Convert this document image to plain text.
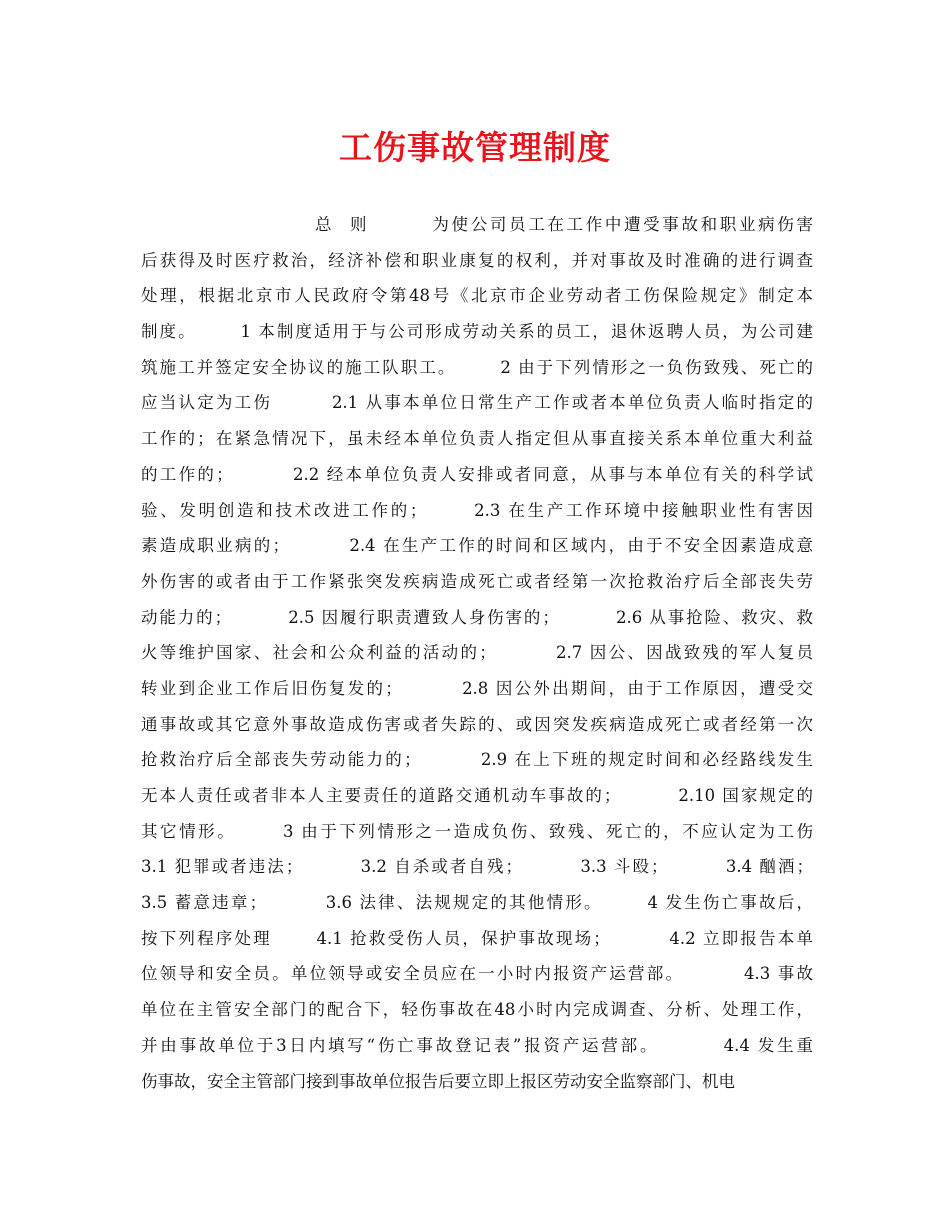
工伤事故管理制度
总  则        为使公司员工在工作中遭受事故和职业病伤害
后获得及时医疗救治，经济补偿和职业康复的权利，并对事故及时准确的进行调查
处理，根据北京市人民政府令第48号《北京市企业劳动者工伤保险规定》制定本
制度。      1 本制度适用于与公司形成劳动关系的员工，退休返聘人员，为公司建
筑施工并签定安全协议的施工队职工。      2 由于下列情形之一负伤致残、死亡的
应当认定为工伤        2.1 从事本单位日常生产工作或者本单位负责人临时指定的
工作的；在紧急情况下，虽未经本单位负责人指定但从事直接关系本单位重大利益
的工作的；        2.2 经本单位负责人安排或者同意，从事与本单位有关的科学试
验、发明创造和技术改进工作的；      2.3 在生产工作环境中接触职业性有害因
素造成职业病的；        2.4 在生产工作的时间和区域内，由于不安全因素造成意
外伤害的或者由于工作紧张突发疾病造成死亡或者经第一次抢救治疗后全部丧失劳
动能力的；        2.5 因履行职责遭致人身伤害的；        2.6 从事抢险、救灾、救
火等维护国家、社会和公众利益的活动的；        2.7 因公、因战致残的军人复员
转业到企业工作后旧伤复发的；        2.8 因公外出期间，由于工作原因，遭受交
通事故或其它意外事故造成伤害或者失踪的、或因突发疾病造成死亡或者经第一次
抢救治疗后全部丧失劳动能力的；        2.9 在上下班的规定时间和必经路线发生
无本人责任或者非本人主要责任的道路交通机动车事故的；        2.10 国家规定的
其它情形。      3 由于下列情形之一造成负伤、致残、死亡的，不应认定为工伤
3.1 犯罪或者违法；        3.2 自杀或者自残；        3.3 斗殴；        3.4 酗酒；
3.5 蓄意违章；        3.6 法律、法规规定的其他情形。      4 发生伤亡事故后，
按下列程序处理      4.1 抢救受伤人员，保护事故现场；        4.2 立即报告本单
位领导和安全员。单位领导或安全员应在一小时内报资产运营部。        4.3 事故
单位在主管安全部门的配合下，轻伤事故在48小时内完成调查、分析、处理工作，
并由事故单位于3日内填写“伤亡事故登记表”报资产运营部。        4.4 发生重
伤事故，安全主管部门接到事故单位报告后要立即上报区劳动安全监察部门、机电
